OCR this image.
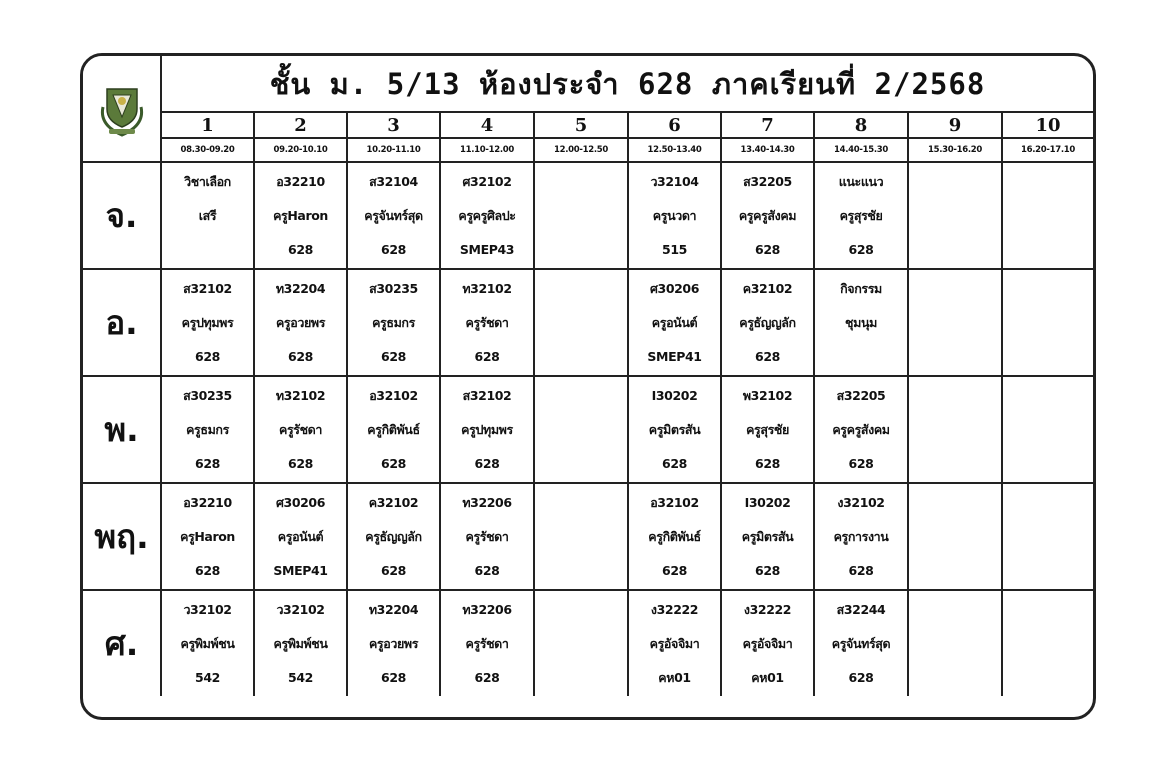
	ชั้น ม. 5/13 ห้องประจำ 628 ภาคเรียนที่ 2/2568									
	1	2	3	4	5	6	7	8	9	10
	08.30-09.20	09.20-10.10	10.20-11.10	11.10-12.00	12.00-12.50	12.50-13.40	13.40-14.30	14.40-15.30	15.30-16.20	16.20-17.10
จ.	วิชาเลือก
เสรี	อ32210
ครูHaron
628	ส32104
ครูจันทร์สุด
628	ศ32102
ครูครูศิลปะ
SMEP43		ว32104
ครูนวดา
515	ส32205
ครูครูสังคม
628	แนะแนว
ครูสุรชัย
628		

อ.	ส32102
ครูปทุมพร
628	ท32204
ครูอวยพร
628	ส30235
ครูธมกร
628	ท32102
ครูรัชดา
628		ศ30206
ครูอนันต์
SMEP41	ค32102
ครูธัญญลัก
628	กิจกรรม
ชุมนุม		

พ.	ส30235
ครูธมกร
628	ท32102
ครูรัชดา
628	อ32102
ครูกิติพันธ์
628	ส32102
ครูปทุมพร
628		I30202
ครูมิตรสัน
628	พ32102
ครูสุรชัย
628	ส32205
ครูครูสังคม
628		

พฤ.	อ32210
ครูHaron
628	ศ30206
ครูอนันต์
SMEP41	ค32102
ครูธัญญลัก
628	ท32206
ครูรัชดา
628		อ32102
ครูกิติพันธ์
628	I30202
ครูมิตรสัน
628	ง32102
ครูการงาน
628		

ศ.	ว32102
ครูพิมพ์ชน
542	ว32102
ครูพิมพ์ชน
542	ท32204
ครูอวยพร
628	ท32206
ครูรัชดา
628		ง32222
ครูอัจจิมา
คห01	ง32222
ครูอัจจิมา
คห01	ส32244
ครูจันทร์สุด
628		
